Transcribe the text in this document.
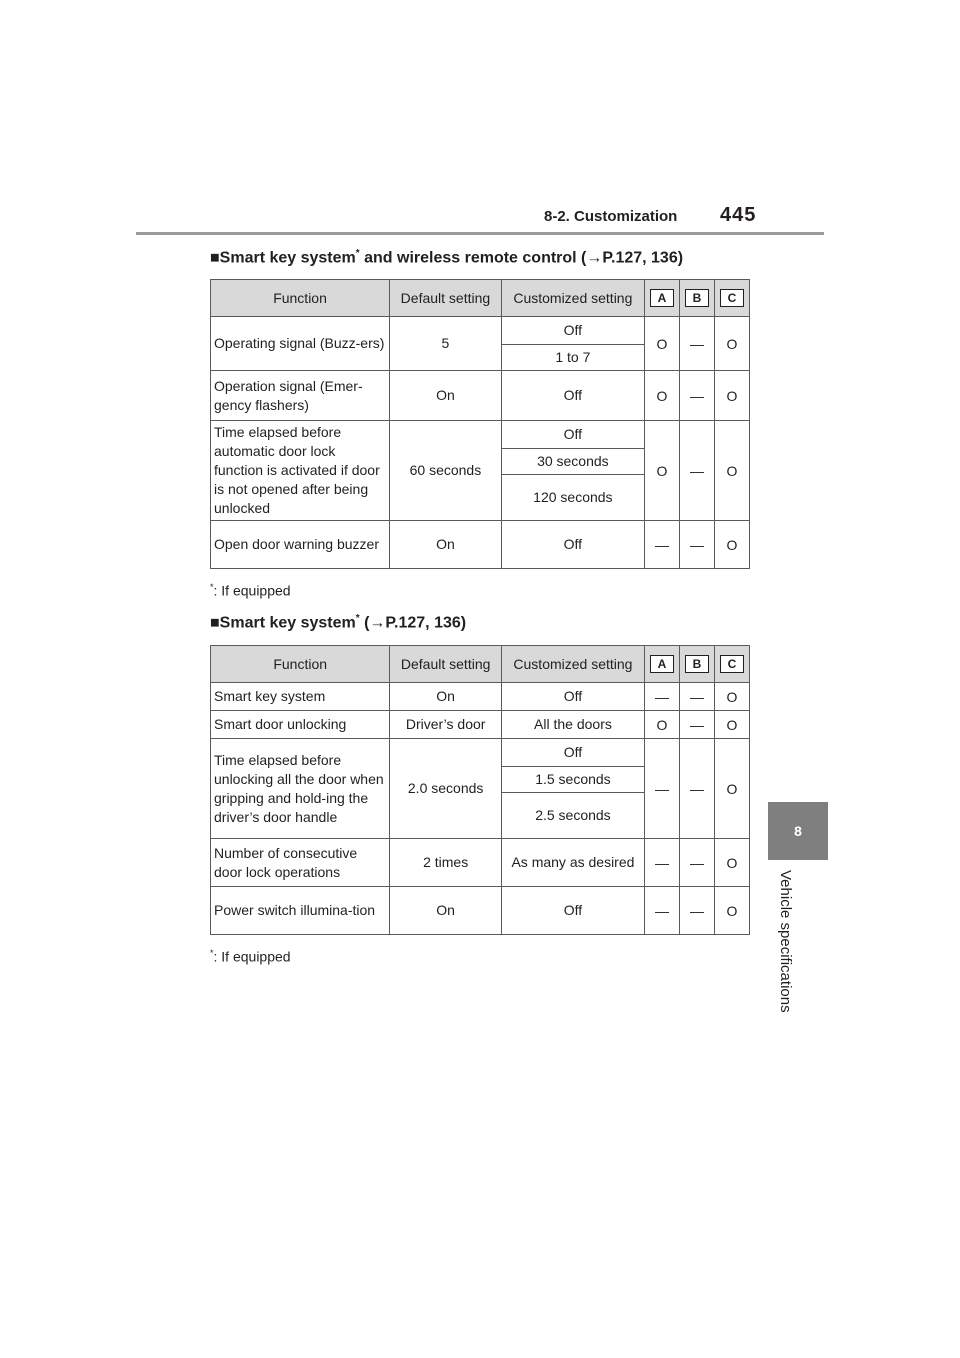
8-2. Customization 445
8
Vehicle specifications
■Smart key system* and wireless remote control (→P.127, 136)
Function	Default setting	Customized setting	A	B	C
Operating signal (Buzz-ers)	5	Off	O	—	O
		1 to 7			
Operation signal (Emer-gency flashers)	On	Off	O	—	O
Time elapsed before automatic door lock function is activated if door is not opened after being unlocked	60 seconds	Off	O	—	O
		30 seconds			
		120 seconds			
Open door warning buzzer	On	Off	—	—	O
*: If equipped
■Smart key system* (→P.127, 136)
Function	Default setting	Customized setting	A	B	C
Smart key system	On	Off	—	—	O
Smart door unlocking	Driver’s door	All the doors	O	—	O
Time elapsed before unlocking all the door when gripping and hold-ing the driver’s door handle	2.0 seconds	Off	—	—	O
		1.5 seconds			
		2.5 seconds			
Number of consecutive door lock operations	2 times	As many as desired	—	—	O
Power switch illumina-tion	On	Off	—	—	O
*: If equipped
